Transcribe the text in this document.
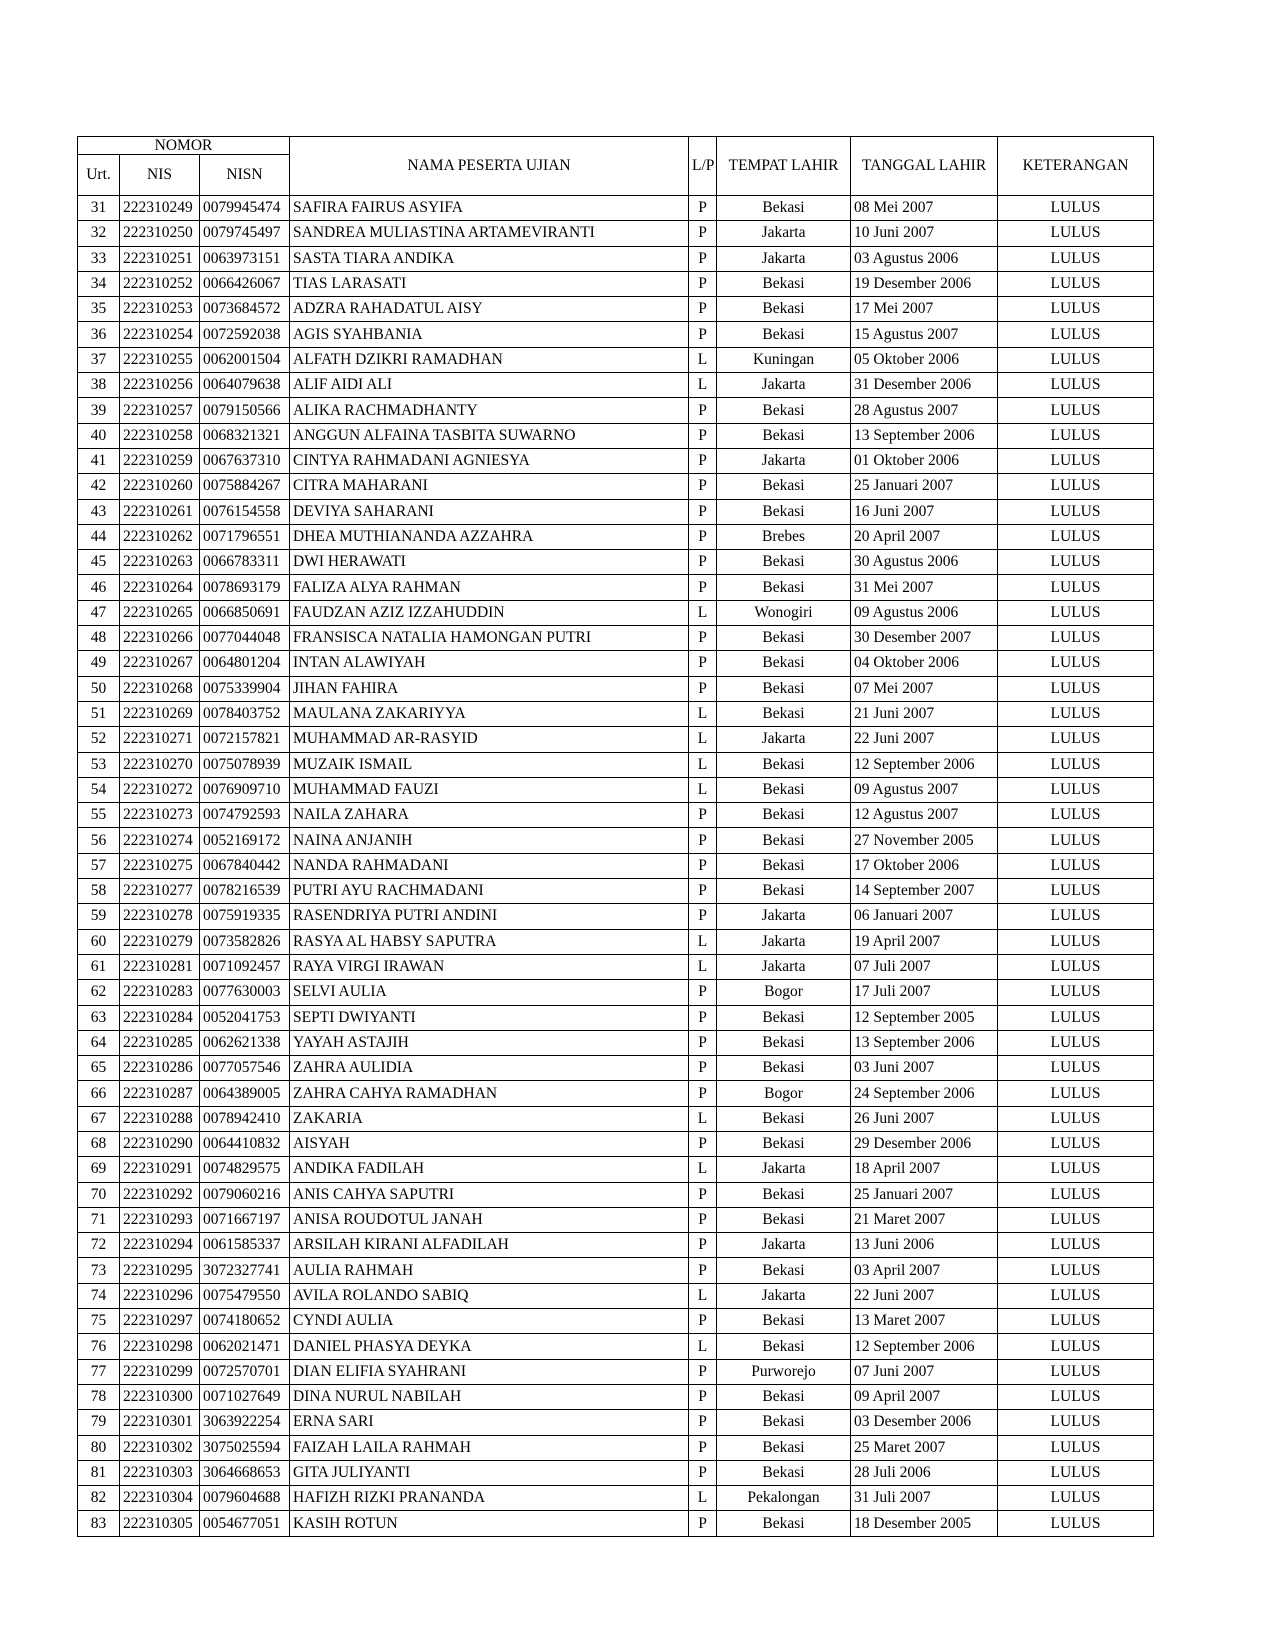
NOMOR			NAMA PESERTA UJIAN	L/P	TEMPAT LAHIR	TANGGAL LAHIR	KETERANGAN
Urt.	NIS	NISN					
31	222310249	0079945474	SAFIRA FAIRUS ASYIFA	P	Bekasi	08 Mei 2007	LULUS
32	222310250	0079745497	SANDREA MULIASTINA ARTAMEVIRANTI	P	Jakarta	10 Juni 2007	LULUS
33	222310251	0063973151	SASTA TIARA ANDIKA	P	Jakarta	03 Agustus 2006	LULUS
34	222310252	0066426067	TIAS LARASATI	P	Bekasi	19 Desember 2006	LULUS
35	222310253	0073684572	ADZRA RAHADATUL AISY	P	Bekasi	17 Mei 2007	LULUS
36	222310254	0072592038	AGIS SYAHBANIA	P	Bekasi	15 Agustus 2007	LULUS
37	222310255	0062001504	ALFATH DZIKRI RAMADHAN	L	Kuningan	05 Oktober 2006	LULUS
38	222310256	0064079638	ALIF AIDI ALI	L	Jakarta	31 Desember 2006	LULUS
39	222310257	0079150566	ALIKA RACHMADHANTY	P	Bekasi	28 Agustus 2007	LULUS
40	222310258	0068321321	ANGGUN ALFAINA TASBITA SUWARNO	P	Bekasi	13 September 2006	LULUS
41	222310259	0067637310	CINTYA RAHMADANI AGNIESYA	P	Jakarta	01 Oktober 2006	LULUS
42	222310260	0075884267	CITRA MAHARANI	P	Bekasi	25 Januari 2007	LULUS
43	222310261	0076154558	DEVIYA SAHARANI	P	Bekasi	16 Juni 2007	LULUS
44	222310262	0071796551	DHEA MUTHIANANDA AZZAHRA	P	Brebes	20 April 2007	LULUS
45	222310263	0066783311	DWI HERAWATI	P	Bekasi	30 Agustus 2006	LULUS
46	222310264	0078693179	FALIZA ALYA RAHMAN	P	Bekasi	31 Mei 2007	LULUS
47	222310265	0066850691	FAUDZAN AZIZ IZZAHUDDIN	L	Wonogiri	09 Agustus 2006	LULUS
48	222310266	0077044048	FRANSISCA NATALIA HAMONGAN PUTRI	P	Bekasi	30 Desember 2007	LULUS
49	222310267	0064801204	INTAN ALAWIYAH	P	Bekasi	04 Oktober 2006	LULUS
50	222310268	0075339904	JIHAN FAHIRA	P	Bekasi	07 Mei 2007	LULUS
51	222310269	0078403752	MAULANA ZAKARIYYA	L	Bekasi	21 Juni 2007	LULUS
52	222310271	0072157821	MUHAMMAD AR-RASYID	L	Jakarta	22 Juni 2007	LULUS
53	222310270	0075078939	MUZAIK ISMAIL	L	Bekasi	12 September 2006	LULUS
54	222310272	0076909710	MUHAMMAD FAUZI	L	Bekasi	09 Agustus 2007	LULUS
55	222310273	0074792593	NAILA ZAHARA	P	Bekasi	12 Agustus 2007	LULUS
56	222310274	0052169172	NAINA ANJANIH	P	Bekasi	27 November 2005	LULUS
57	222310275	0067840442	NANDA RAHMADANI	P	Bekasi	17 Oktober 2006	LULUS
58	222310277	0078216539	PUTRI AYU RACHMADANI	P	Bekasi	14 September 2007	LULUS
59	222310278	0075919335	RASENDRIYA PUTRI ANDINI	P	Jakarta	06 Januari 2007	LULUS
60	222310279	0073582826	RASYA AL HABSY SAPUTRA	L	Jakarta	19 April 2007	LULUS
61	222310281	0071092457	RAYA VIRGI IRAWAN	L	Jakarta	07 Juli 2007	LULUS
62	222310283	0077630003	SELVI AULIA	P	Bogor	17 Juli 2007	LULUS
63	222310284	0052041753	SEPTI DWIYANTI	P	Bekasi	12 September 2005	LULUS
64	222310285	0062621338	YAYAH ASTAJIH	P	Bekasi	13 September 2006	LULUS
65	222310286	0077057546	ZAHRA AULIDIA	P	Bekasi	03 Juni 2007	LULUS
66	222310287	0064389005	ZAHRA CAHYA RAMADHAN	P	Bogor	24 September 2006	LULUS
67	222310288	0078942410	ZAKARIA	L	Bekasi	26 Juni 2007	LULUS
68	222310290	0064410832	AISYAH	P	Bekasi	29 Desember 2006	LULUS
69	222310291	0074829575	ANDIKA FADILAH	L	Jakarta	18 April 2007	LULUS
70	222310292	0079060216	ANIS CAHYA SAPUTRI	P	Bekasi	25 Januari 2007	LULUS
71	222310293	0071667197	ANISA ROUDOTUL JANAH	P	Bekasi	21 Maret 2007	LULUS
72	222310294	0061585337	ARSILAH KIRANI ALFADILAH	P	Jakarta	13 Juni 2006	LULUS
73	222310295	3072327741	AULIA RAHMAH	P	Bekasi	03 April 2007	LULUS
74	222310296	0075479550	AVILA ROLANDO SABIQ	L	Jakarta	22 Juni 2007	LULUS
75	222310297	0074180652	CYNDI AULIA	P	Bekasi	13 Maret 2007	LULUS
76	222310298	0062021471	DANIEL PHASYA DEYKA	L	Bekasi	12 September 2006	LULUS
77	222310299	0072570701	DIAN ELIFIA SYAHRANI	P	Purworejo	07 Juni 2007	LULUS
78	222310300	0071027649	DINA NURUL NABILAH	P	Bekasi	09 April 2007	LULUS
79	222310301	3063922254	ERNA SARI	P	Bekasi	03 Desember 2006	LULUS
80	222310302	3075025594	FAIZAH LAILA RAHMAH	P	Bekasi	25 Maret 2007	LULUS
81	222310303	3064668653	GITA JULIYANTI	P	Bekasi	28 Juli 2006	LULUS
82	222310304	0079604688	HAFIZH RIZKI PRANANDA	L	Pekalongan	31 Juli 2007	LULUS
83	222310305	0054677051	KASIH ROTUN	P	Bekasi	18 Desember 2005	LULUS
